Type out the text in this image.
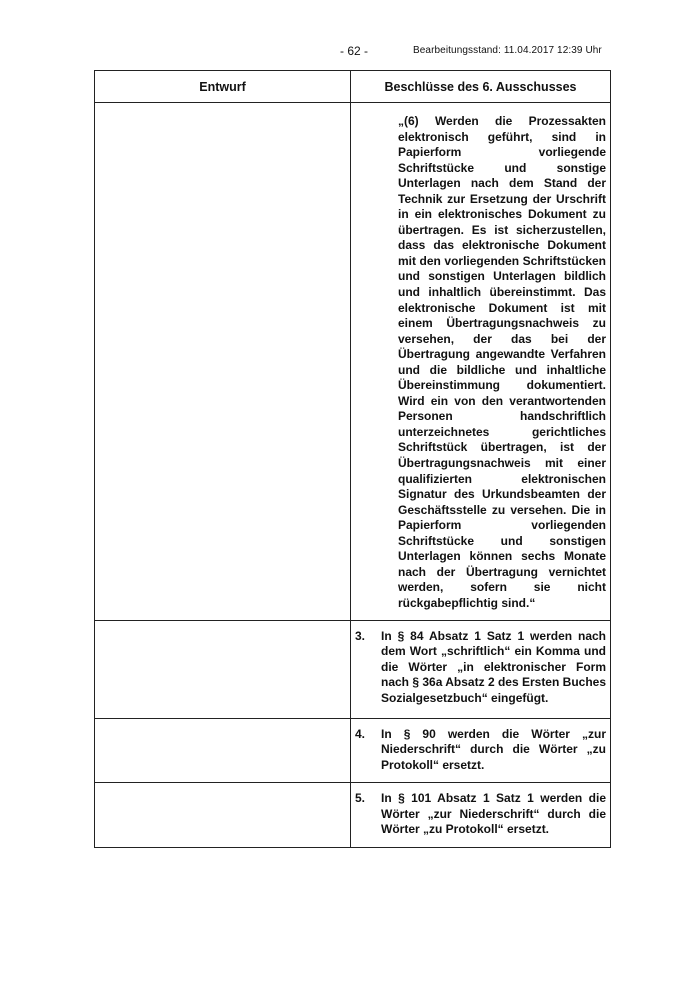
- 62 -	Bearbeitungsstand: 11.04.2017 12:39 Uhr
Entwurf	Beschlüsse des 6. Ausschusses

	„(6) Werden die Prozessakten elektronisch geführt, sind in Papierform vorliegende Schriftstücke und sonstige Unterlagen nach dem Stand der Technik zur Ersetzung der Urschrift in ein elektronisches Dokument zu übertragen. Es ist sicherzustellen, dass das elektronische Dokument mit den vorliegenden Schriftstücken und sonstigen Unterlagen bildlich und inhaltlich übereinstimmt. Das elektronische Dokument ist mit einem Übertragungsnachweis zu versehen, der das bei der Übertragung angewandte Verfahren und die bildliche und inhaltliche Übereinstimmung dokumentiert. Wird ein von den verantwortenden Personen handschriftlich unterzeichnetes gerichtliches Schriftstück übertragen, ist der Übertragungsnachweis mit einer qualifizierten elektronischen Signatur des Urkundsbeamten der Geschäftsstelle zu versehen. Die in Papierform vorliegenden Schriftstücke und sonstigen Unterlagen können sechs Monate nach der Übertragung vernichtet werden, sofern sie nicht rückgabepflichtig sind.“

	3. In § 84 Absatz 1 Satz 1 werden nach dem Wort „schriftlich“ ein Komma und die Wörter „in elektronischer Form nach § 36a Absatz 2 des Ersten Buches Sozialgesetzbuch“ eingefügt.

	4. In § 90 werden die Wörter „zur Niederschrift“ durch die Wörter „zu Protokoll“ ersetzt.

	5. In § 101 Absatz 1 Satz 1 werden die Wörter „zur Niederschrift“ durch die Wörter „zu Protokoll“ ersetzt.
